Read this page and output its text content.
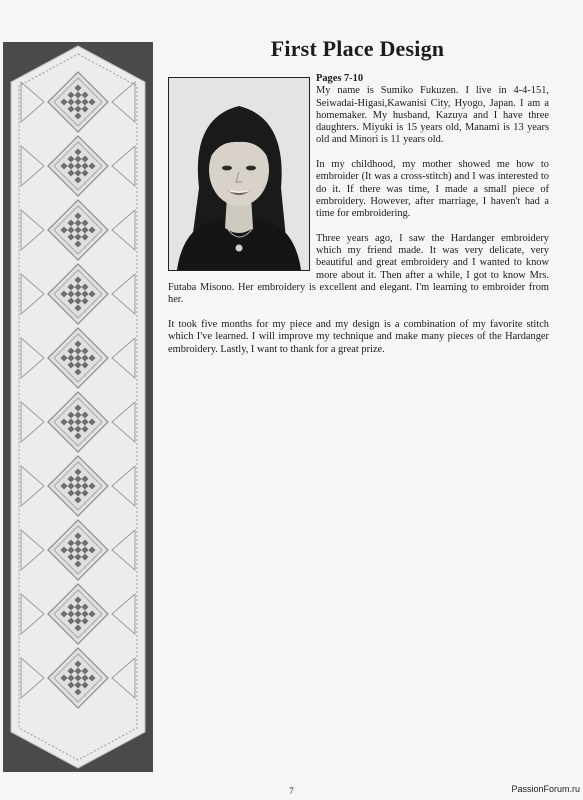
First Place Design
Pages 7-10

My name is Sumiko Fukuzen. I live in 4-4-151, Seiwadai-Higasi,Kawanisi City, Hyogo, Japan. I am a homemaker. My husband, Kazuya and I have three daughters. Miyuki is 15 years old, Manami is 13 years old and Minori is 11 years old.

In my childhood, my mother showed me how to embroider (It was a cross-stitch) and I was interested to do it. If there was time, I made a small piece of embroidery. However, after marriage, I haven't had a time for embroidering.

Three years ago, I saw the Hardanger embroidery which my friend made. It was very delicate, very beautiful and great embroidery and I wanted to know more about it. Then after a while, I got to know Mrs. Futaba Misono. Her embroidery is excellent and elegant. I'm learning to embroider from her.

It took five months for my piece and my design is a combination of my favorite stitch which I've learned. I will improve my technique and make many pieces of the Hardanger embroidery. Lastly, I want to thank for a great prize.

7	PassionForum.ru
